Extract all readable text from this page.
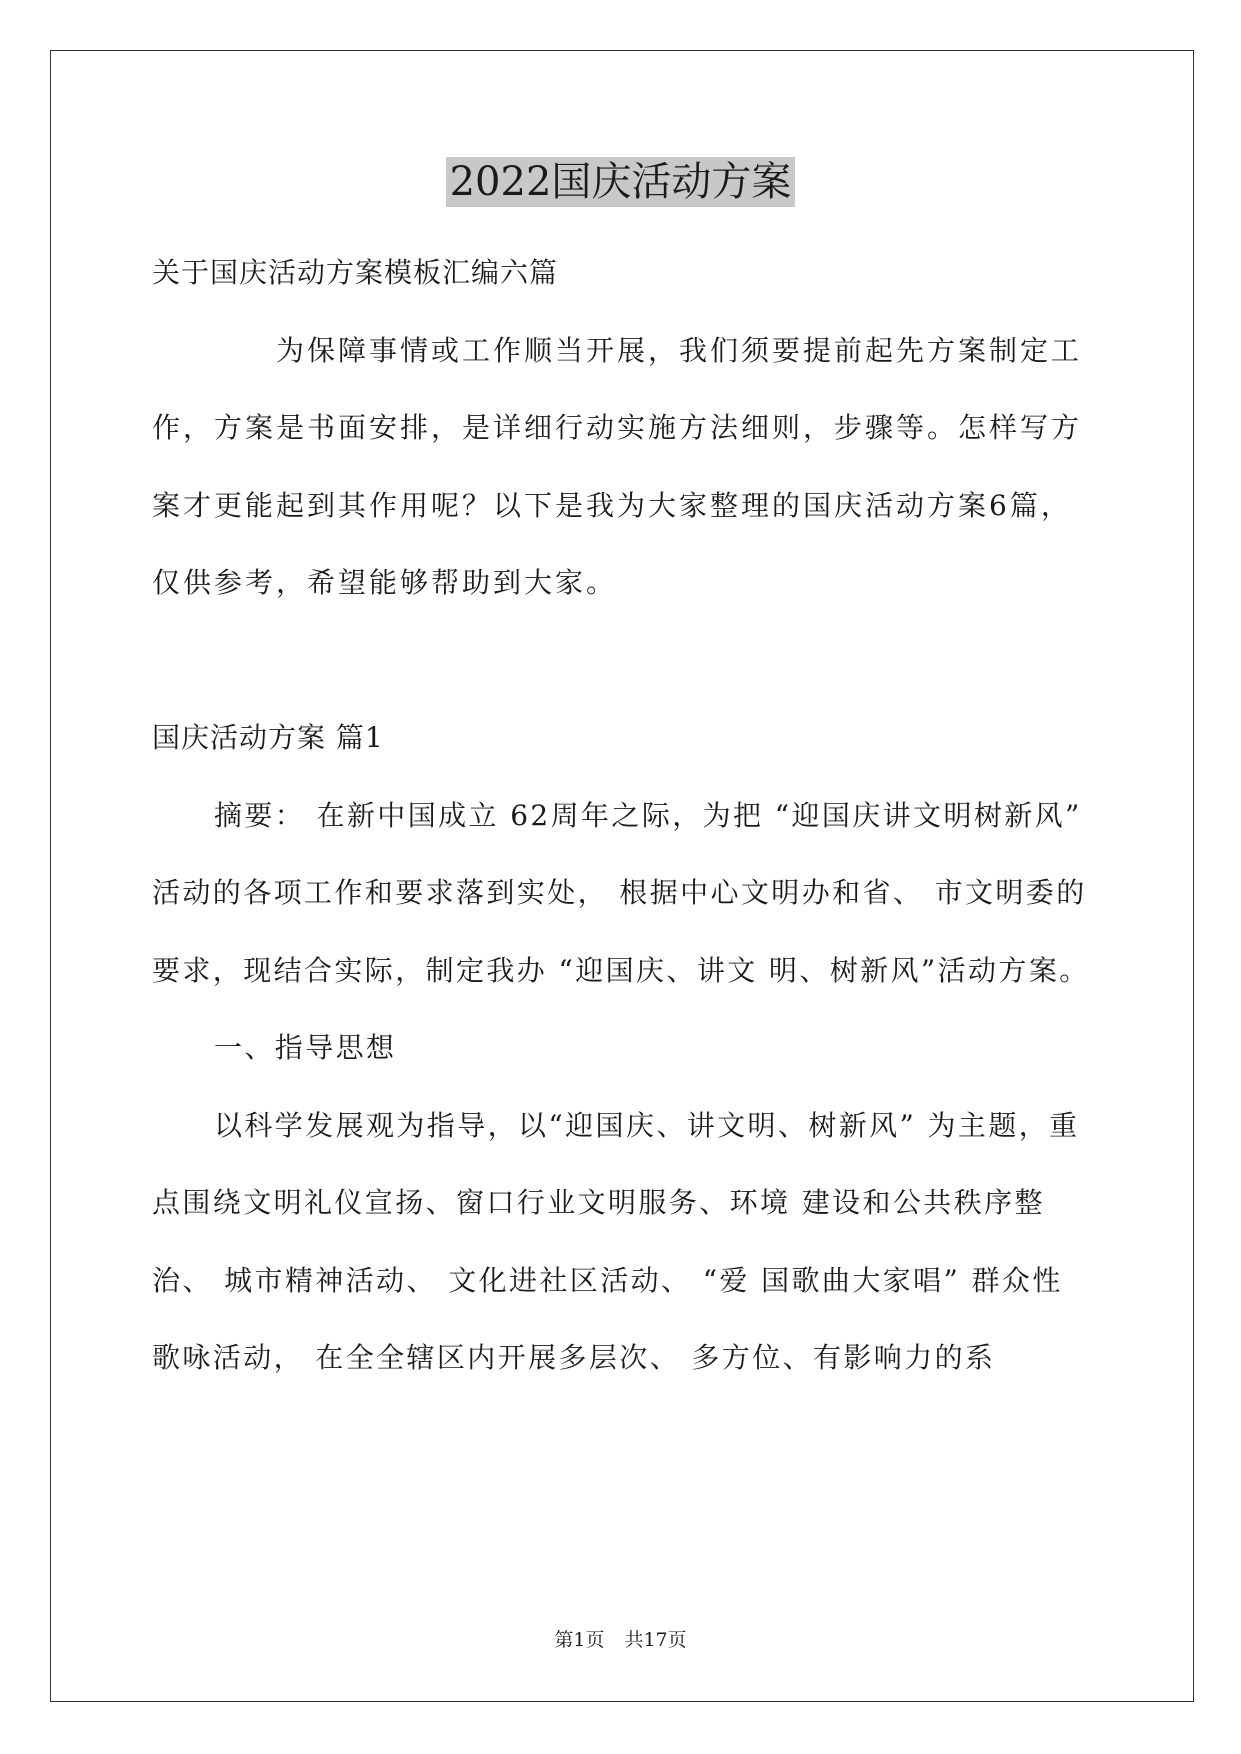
2022国庆活动方案

关于国庆活动方案模板汇编六篇

为保障事情或工作顺当开展，我们须要提前起先方案制定工作，方案是书面安排，是详细行动实施方法细则，步骤等。怎样写方案才更能起到其作用呢？以下是我为大家整理的国庆活动方案6篇，仅供参考，希望能够帮助到大家。

国庆活动方案 篇1

摘要： 在新中国成立 62周年之际，为把 “迎国庆讲文明树新风” 活动的各项工作和要求落到实处， 根据中心文明办和省、 市文明委的要求，现结合实际，制定我办 “迎国庆、讲文 明、树新风”活动方案。

一、指导思想

以科学发展观为指导，以“迎国庆、讲文明、树新风” 为主题，重点围绕文明礼仪宣扬、窗口行业文明服务、环境 建设和公共秩序整治、 城市精神活动、 文化进社区活动、 “爱 国歌曲大家唱” 群众性歌咏活动， 在全全辖区内开展多层次、 多方位、有影响力的系

第1页 共17页
